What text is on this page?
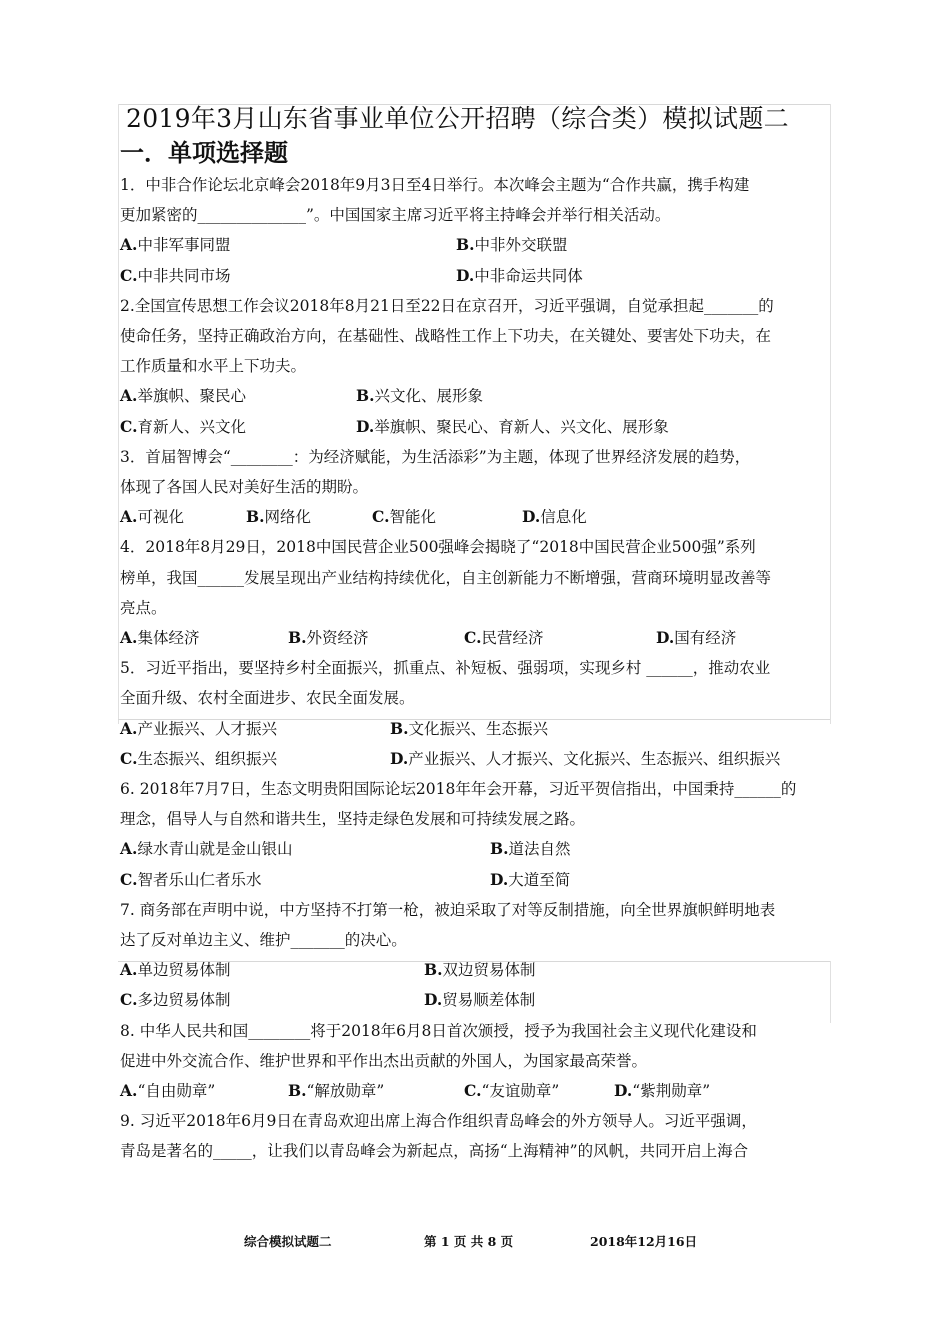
2019年3月山东省事业单位公开招聘（综合类）模拟试题二
一．单项选择题

1．中非合作论坛北京峰会2018年9月3日至4日举行。本次峰会主题为“合作共赢，携手构建

更加紧密的______________”。中国国家主席习近平将主持峰会并举行相关活动。

A.中非军事同盟	B.中非外交联盟
C.中非共同市场	D.中非命运共同体

2.全国宣传思想工作会议2018年8月21日至22日在京召开，习近平强调，自觉承担起_______的

使命任务，坚持正确政治方向，在基础性、战略性工作上下功夫，在关键处、要害处下功夫，在

工作质量和水平上下功夫。

A.举旗帜、聚民心	B.兴文化、展形象
C.育新人、兴文化	D.举旗帜、聚民心、育新人、兴文化、展形象

3．首届智博会“________：为经济赋能，为生活添彩”为主题，体现了世界经济发展的趋势，

体现了各国人民对美好生活的期盼。

A.可视化	B.网络化	C.智能化	D.信息化

4．2018年8月29日，2018中国民营企业500强峰会揭晓了“2018中国民营企业500强”系列

榜单，我国______发展呈现出产业结构持续优化，自主创新能力不断增强，营商环境明显改善等

亮点。

A.集体经济	B.外资经济	C.民营经济	D.国有经济

5．习近平指出，要坚持乡村全面振兴，抓重点、补短板、强弱项，实现乡村 ______，推动农业

全面升级、农村全面进步、农民全面发展。

A.产业振兴、人才振兴	B.文化振兴、生态振兴
C.生态振兴、组织振兴	D.产业振兴、人才振兴、文化振兴、生态振兴、组织振兴

6. 2018年7月7日，生态文明贵阳国际论坛2018年年会开幕，习近平贺信指出，中国秉持______的

理念，倡导人与自然和谐共生，坚持走绿色发展和可持续发展之路。

A.绿水青山就是金山银山	B.道法自然
C.智者乐山仁者乐水	D.大道至简

7. 商务部在声明中说，中方坚持不打第一枪，被迫采取了对等反制措施，向全世界旗帜鲜明地表

达了反对单边主义、维护_______的决心。

A.单边贸易体制	B.双边贸易体制
C.多边贸易体制	D.贸易顺差体制

8. 中华人民共和国________将于2018年6月8日首次颁授，授予为我国社会主义现代化建设和

促进中外交流合作、维护世界和平作出杰出贡献的外国人，为国家最高荣誉。

A.“自由勋章”	B.“解放勋章”	C.“友谊勋章”	D.“紫荆勋章”

9. 习近平2018年6月9日在青岛欢迎出席上海合作组织青岛峰会的外方领导人。习近平强调，

青岛是著名的_____，让我们以青岛峰会为新起点，高扬“上海精神”的风帆，共同开启上海合

综合模拟试题二	第 1 页 共 8 页	2018年12月16日
